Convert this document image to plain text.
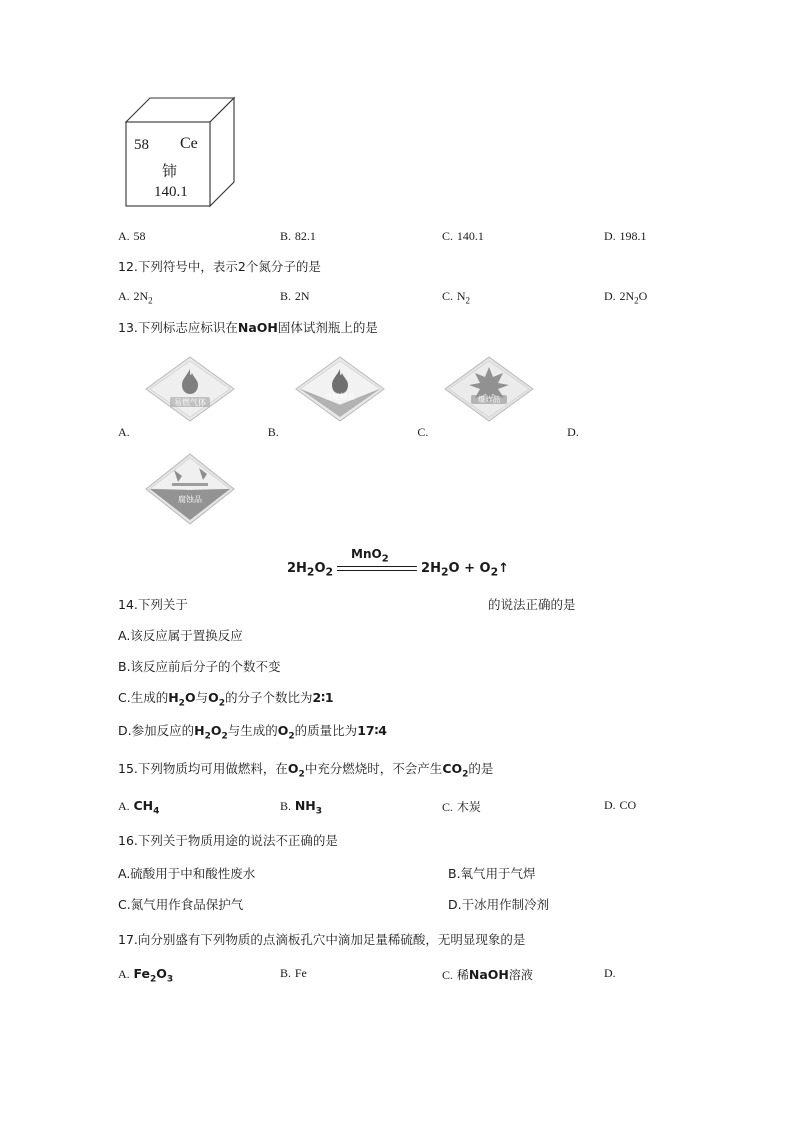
58 Ce
铈
140.1
A. 58	B. 82.1	C. 140.1	D. 198.1
12.下列符号中，表示2个氮分子的是
A. $2N_2$	B. 2N	C. $N_2$	D. $2N_2O$
13.下列标志应标识在NaOH固体试剂瓶上的是
易燃气体
A.
自燃物品
B.
爆炸品
C.	D.
腐蚀品
$2H_2O_2$
MnO$_2$
$2H_2O$ + $O_2↑$
14.下列关于	的说法正确的是
A.该反应属于置换反应
B.该反应前后分子的个数不变
C.生成的$H_2O$与$O_2$的分子个数比为2∶1
D.参加反应的$H_2O_2$与生成的$O_2$的质量比为17∶4
15.下列物质均可用做燃料，在$O_2$中充分燃烧时，不会产生$CO_2$的是
A. $CH_4$	B. $NH_3$	C. 木炭	D. CO
16.下列关于物质用途的说法不正确的是
A.硫酸用于中和酸性废水	B.氧气用于气焊
C.氮气用作食品保护气	D.干冰用作制冷剂
17.向分别盛有下列物质的点滴板孔穴中滴加足量稀硫酸，无明显现象的是
A. $Fe_2O_3$	B. Fe	C. 稀NaOH溶液	D.
